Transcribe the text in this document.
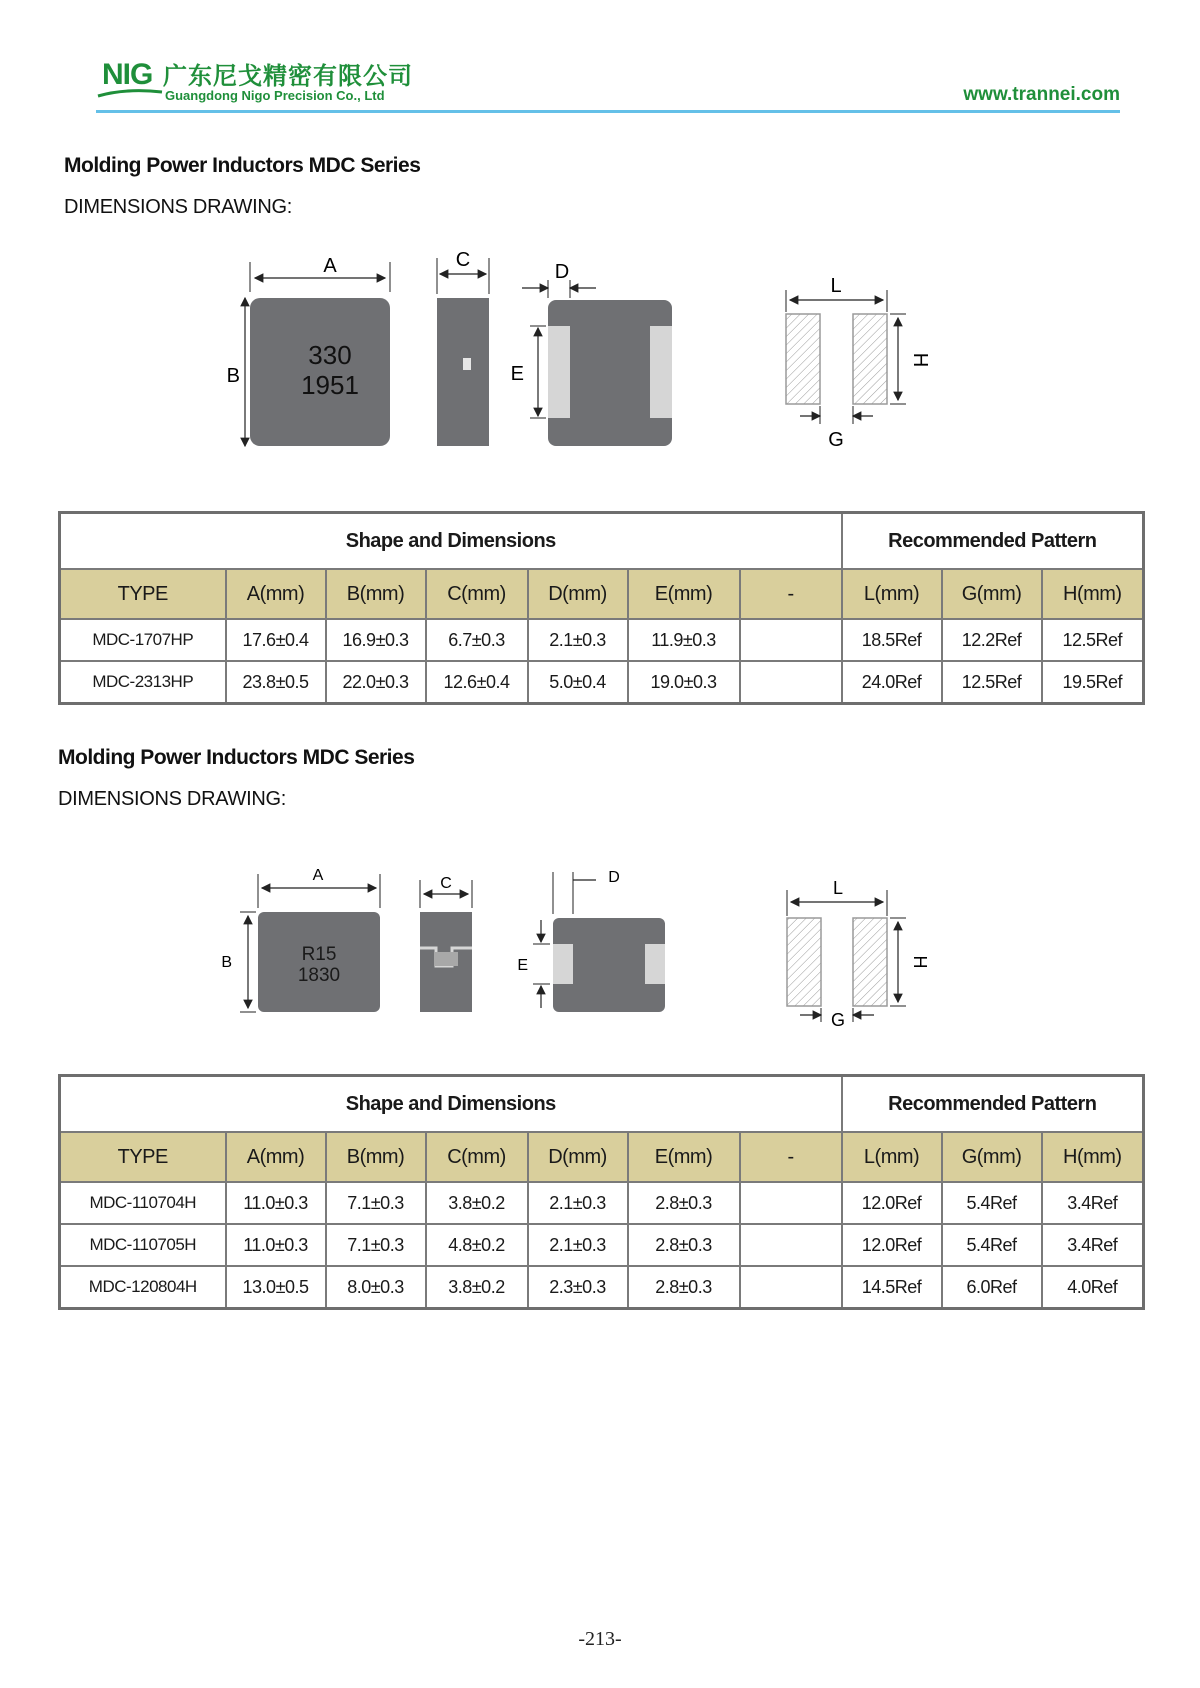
NIG 广东尼戈精密有限公司
Guangdong Nigo Precision Co., Ltd	www.trannei.com
Molding Power Inductors MDC Series
DIMENSIONS DRAWING:
A
B
330
1951
C
D
E
L
H
G
Shape and Dimensions							Recommended Pattern		
TYPE	A(mm)	B(mm)	C(mm)	D(mm)	E(mm)	-	L(mm)	G(mm)	H(mm)
MDC-1707HP	17.6±0.4	16.9±0.3	6.7±0.3	2.1±0.3	11.9±0.3		18.5Ref	12.2Ref	12.5Ref
MDC-2313HP	23.8±0.5	22.0±0.3	12.6±0.4	5.0±0.4	19.0±0.3		24.0Ref	12.5Ref	19.5Ref
Molding Power Inductors MDC Series
DIMENSIONS DRAWING:
A
B	R15
1830
C	D
E
L
H
G
Shape and Dimensions							Recommended Pattern		
TYPE	A(mm)	B(mm)	C(mm)	D(mm)	E(mm)	-	L(mm)	G(mm)	H(mm)
MDC-110704H	11.0±0.3	7.1±0.3	3.8±0.2	2.1±0.3	2.8±0.3		12.0Ref	5.4Ref	3.4Ref
MDC-110705H	11.0±0.3	7.1±0.3	4.8±0.2	2.1±0.3	2.8±0.3		12.0Ref	5.4Ref	3.4Ref
MDC-120804H	13.0±0.5	8.0±0.3	3.8±0.2	2.3±0.3	2.8±0.3		14.5Ref	6.0Ref	4.0Ref
-213-
